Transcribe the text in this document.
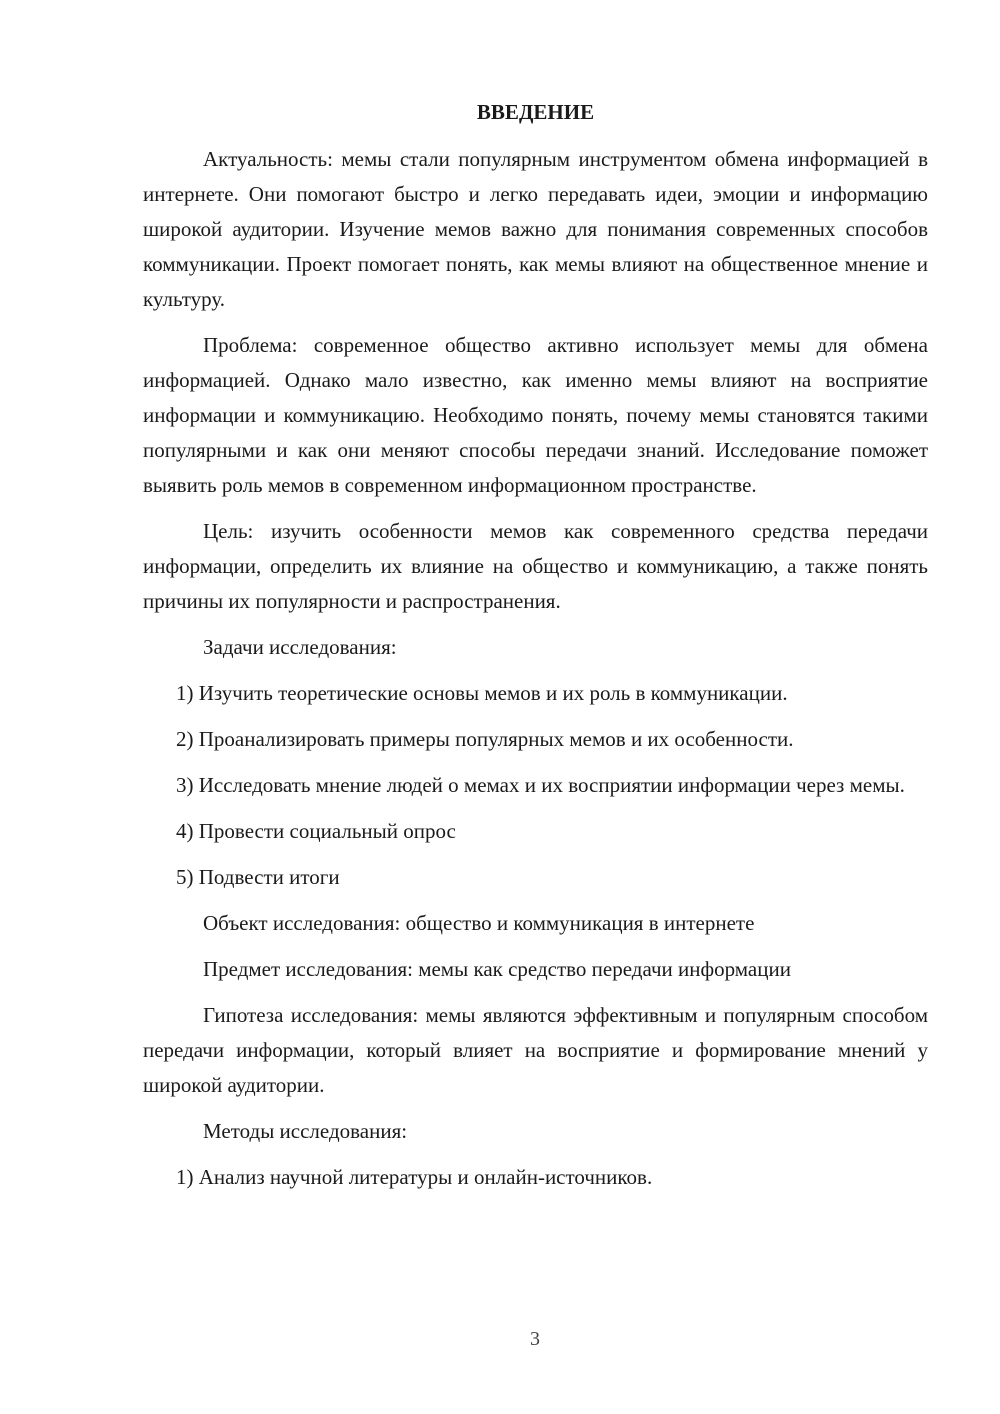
ВВЕДЕНИЕ

Актуальность: мемы стали популярным инструментом обмена информацией в интернете. Они помогают быстро и легко передавать идеи, эмоции и информацию широкой аудитории. Изучение мемов важно для понимания современных способов коммуникации. Проект помогает понять, как мемы влияют на общественное мнение и культуру.

Проблема: современное общество активно использует мемы для обмена информацией. Однако мало известно, как именно мемы влияют на восприятие информации и коммуникацию. Необходимо понять, почему мемы становятся такими популярными и как они меняют способы передачи знаний. Исследование поможет выявить роль мемов в современном информационном пространстве.

Цель: изучить особенности мемов как современного средства передачи информации, определить их влияние на общество и коммуникацию, а также понять причины их популярности и распространения.

Задачи исследования:

1) Изучить теоретические основы мемов и их роль в коммуникации.

2) Проанализировать примеры популярных мемов и их особенности.

3) Исследовать мнение людей о мемах и их восприятии информации через мемы.

4) Провести социальный опрос

5) Подвести итоги

Объект исследования: общество и коммуникация в интернете

Предмет исследования: мемы как средство передачи информации

Гипотеза исследования: мемы являются эффективным и популярным способом передачи информации, который влияет на восприятие и формирование мнений у широкой аудитории.

Методы исследования:

1) Анализ научной литературы и онлайн-источников.

3
